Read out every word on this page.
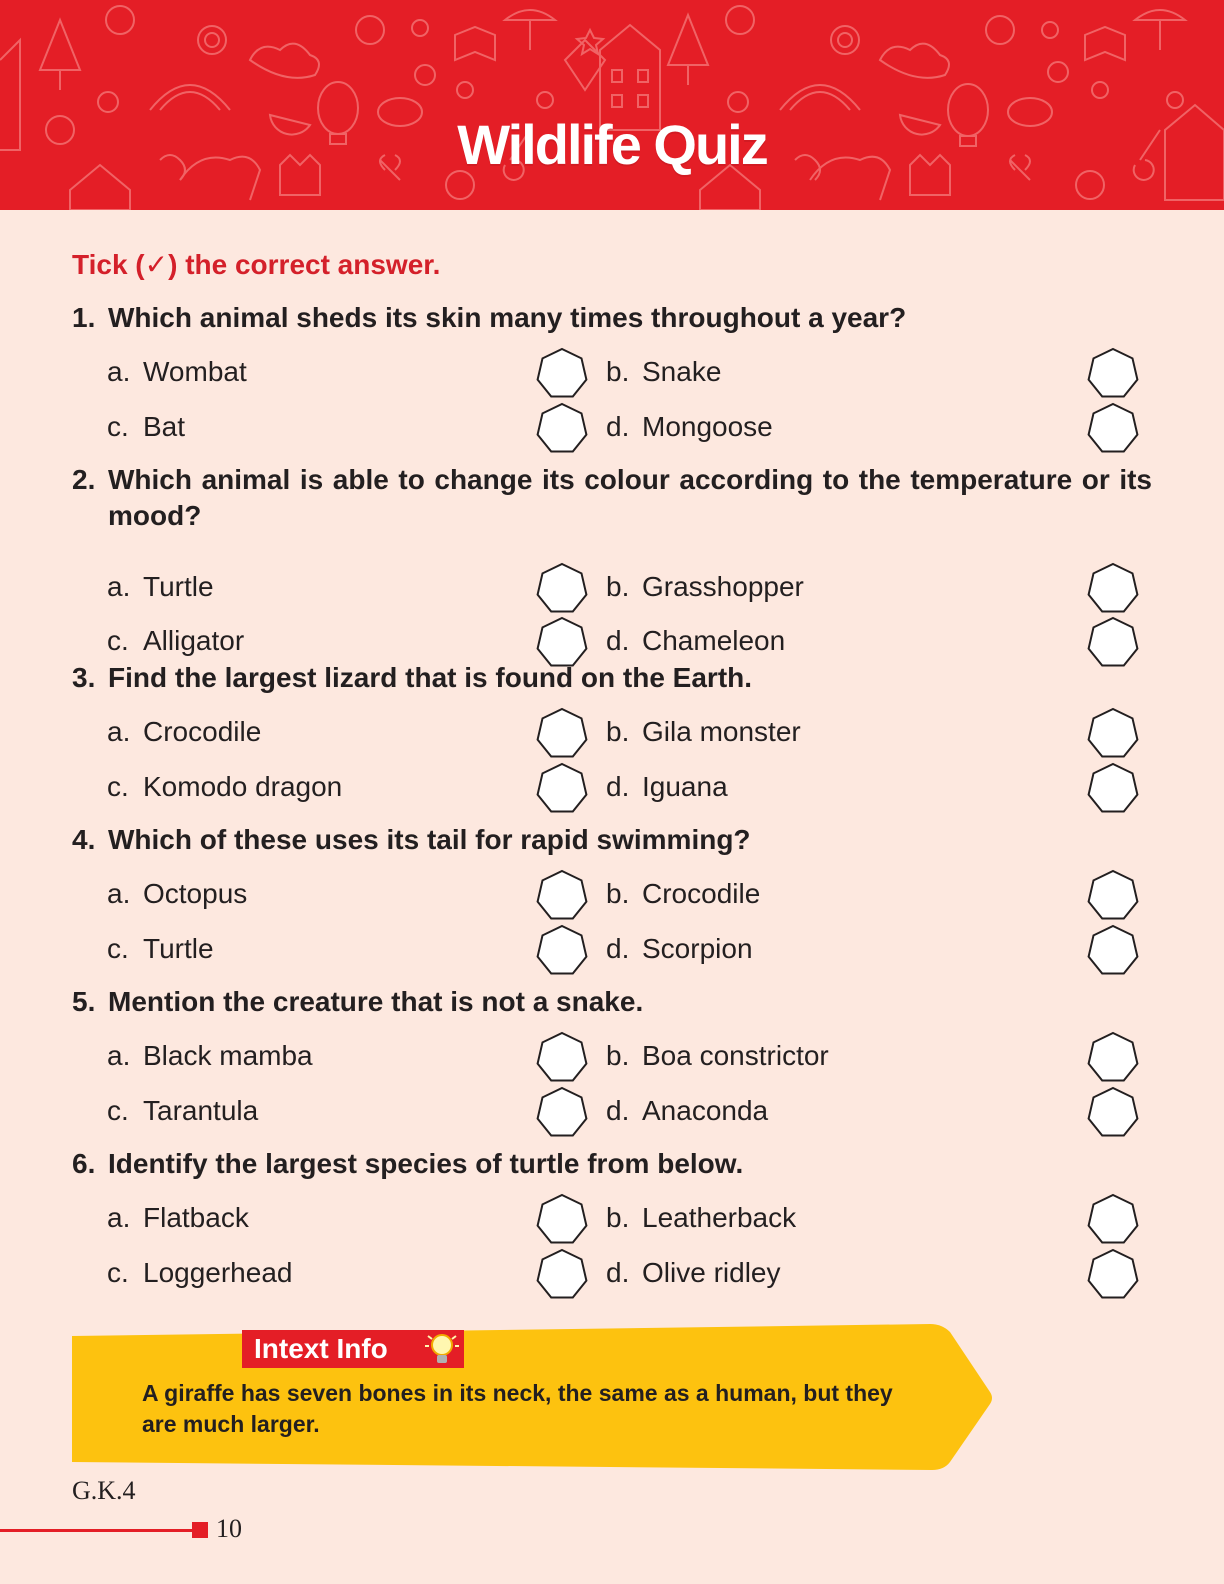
Wildlife Quiz
Tick (✓) the correct answer.
1. Which animal sheds its skin many times throughout a year?
a. Wombat	b. Snake
c. Bat	d. Mongoose
2. Which animal is able to change its colour according to the temperature or its mood?
a. Turtle	b. Grasshopper
c. Alligator	d. Chameleon
3. Find the largest lizard that is found on the Earth.
a. Crocodile	b. Gila monster
c. Komodo dragon	d. Iguana
4. Which of these uses its tail for rapid swimming?
a. Octopus	b. Crocodile
c. Turtle	d. Scorpion
5. Mention the creature that is not a snake.
a. Black mamba	b. Boa constrictor
c. Tarantula	d. Anaconda
6. Identify the largest species of turtle from below.
a. Flatback	b. Leatherback
c. Loggerhead	d. Olive ridley
Intext Info
A giraffe has seven bones in its neck, the same as a human, but they are much larger.
G.K.4
10
